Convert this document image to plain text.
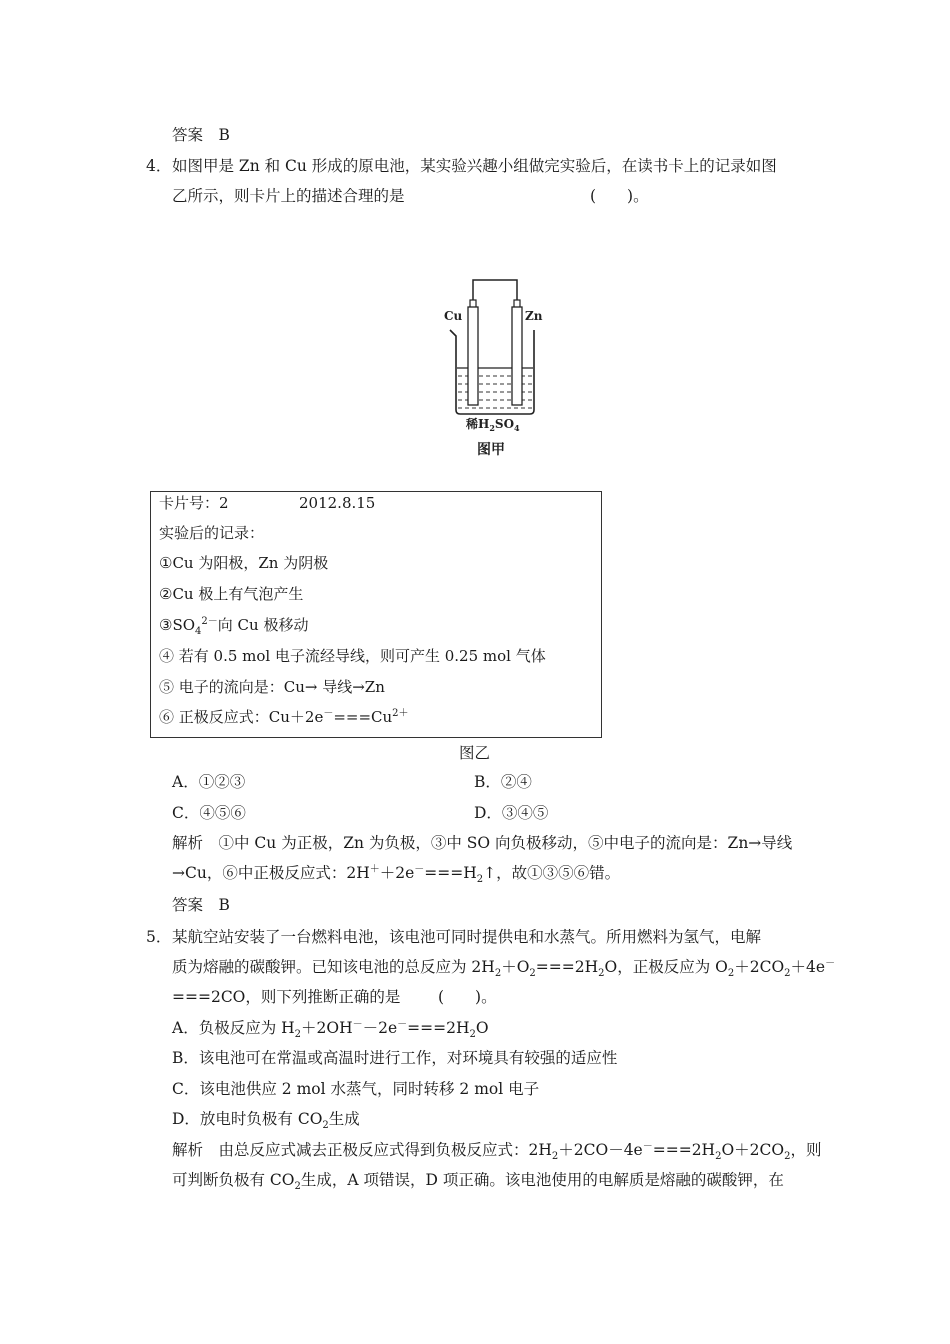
答案　B
4． 如图甲是 Zn 和 Cu 形成的原电池，某实验兴趣小组做完实验后，在读书卡上的记录如图
乙所示，则卡片上的描述合理的是	(　　)。
Cu	Zn
稀$H_2SO_4$
图甲
卡片号：2	2012.8.15
实验后的记录：
①Cu 为阳极，Zn 为阴极
②Cu 极上有气泡产生
$③SO_4^{2-}$向 Cu 极移动
④ 若有 0.5 mol 电子流经导线，则可产生 0.25 mol 气体
⑤ 电子的流向是：Cu→ 导线→Zn
⑥ 正极反应式：$Cu+2e^-===Cu^{2+}$
图乙
A．①②③	B．②④
C．④⑤⑥	D．③④⑤
解析　①中 Cu 为正极，Zn 为负极，③中 SO 向负极移动，⑤中电子的流向是：Zn→导线
→Cu，⑥中正极反应式：$2H^++2e^-===H_2↑$，故①③⑤⑥错。
答案　B
5． 某航空站安装了一台燃料电池，该电池可同时提供电和水蒸气。所用燃料为氢气，电解
质为熔融的碳酸钾。已知该电池的总反应为 $2H_2+O_2===2H_2O$，正极反应为 $O_2+2CO_2+4e^-$
===2CO，则下列推断正确的是 (　　)。
A．负极反应为 $H_2+2OH^--2e^-===2H_2O$
B．该电池可在常温或高温时进行工作，对环境具有较强的适应性
C．该电池供应 2 mol 水蒸气，同时转移 2 mol 电子
D．放电时负极有 $CO_2$生成
解析　由总反应式减去正极反应式得到负极反应式：$2H_2+2CO-4e^-===2H_2O+2CO_2$，则
可判断负极有 $CO_2$生成，A 项错误，D 项正确。该电池使用的电解质是熔融的碳酸钾，在
